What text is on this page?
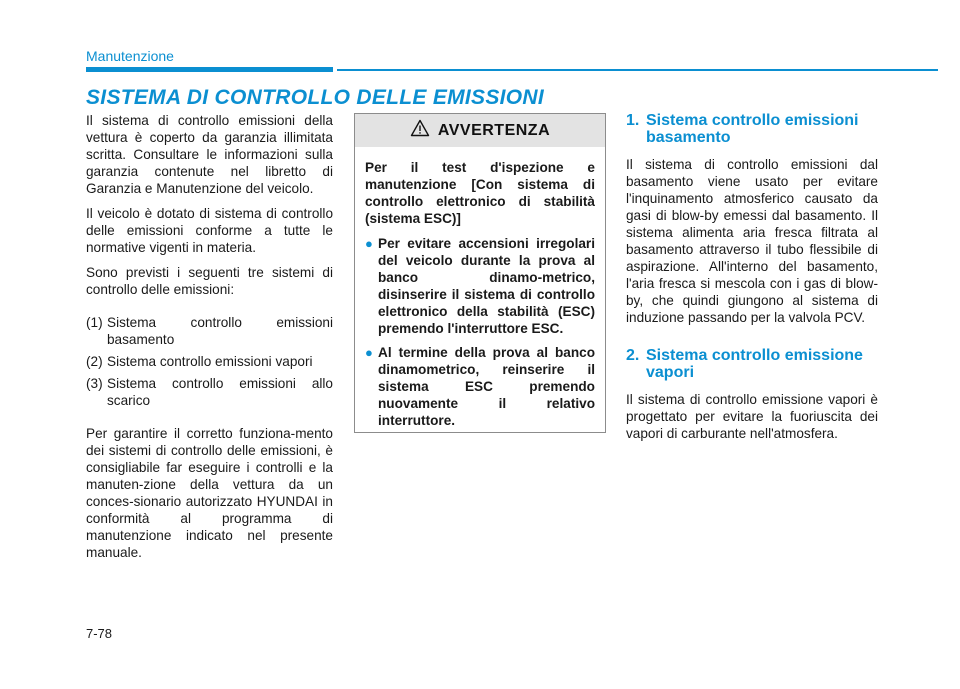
Manutenzione
SISTEMA DI CONTROLLO DELLE EMISSIONI

Il sistema di controllo emissioni della vettura è coperto da garanzia illimitata scritta. Consultare le informazioni sulla garanzia contenute nel libretto di Garanzia e Manutenzione del veicolo.

Il veicolo è dotato di sistema di controllo delle emissioni conforme a tutte le normative vigenti in materia.

Sono previsti i seguenti tre sistemi di controllo delle emissioni:

(1) Sistema controllo emissioni basamento
(2) Sistema controllo emissioni vapori
(3) Sistema controllo emissioni allo scarico

Per garantire il corretto funziona-mento dei sistemi di controllo delle emissioni, è consigliabile far eseguire i controlli e la manuten-zione della vettura da un conces-sionario autorizzato HYUNDAI in conformità al programma di manutenzione indicato nel presente manuale.

AVVERTENZA

Per il test d'ispezione e manutenzione [Con sistema di controllo elettronico di stabilità (sistema ESC)]

● Per evitare accensioni irregolari del veicolo durante la prova al banco dinamo-metrico, disinserire il sistema di controllo elettronico della stabilità (ESC) premendo l'interruttore ESC.
● Al termine della prova al banco dinamometrico, reinserire il sistema ESC premendo nuovamente il relativo interruttore.
1. Sistema controllo emissioni basamento

Il sistema di controllo emissioni dal basamento viene usato per evitare l'inquinamento atmosferico causato da gasi di blow-by emessi dal basamento. Il sistema alimenta aria fresca filtrata al basamento attraverso il tubo flessibile di aspirazione. All'interno del basamento, l'aria fresca si mescola con i gas di blow-by, che quindi giungono al sistema di induzione passando per la valvola PCV.

2. Sistema controllo emissione vapori

Il sistema di controllo emissione vapori è progettato per evitare la fuoriuscita dei vapori di carburante nell'atmosfera.

7-78
